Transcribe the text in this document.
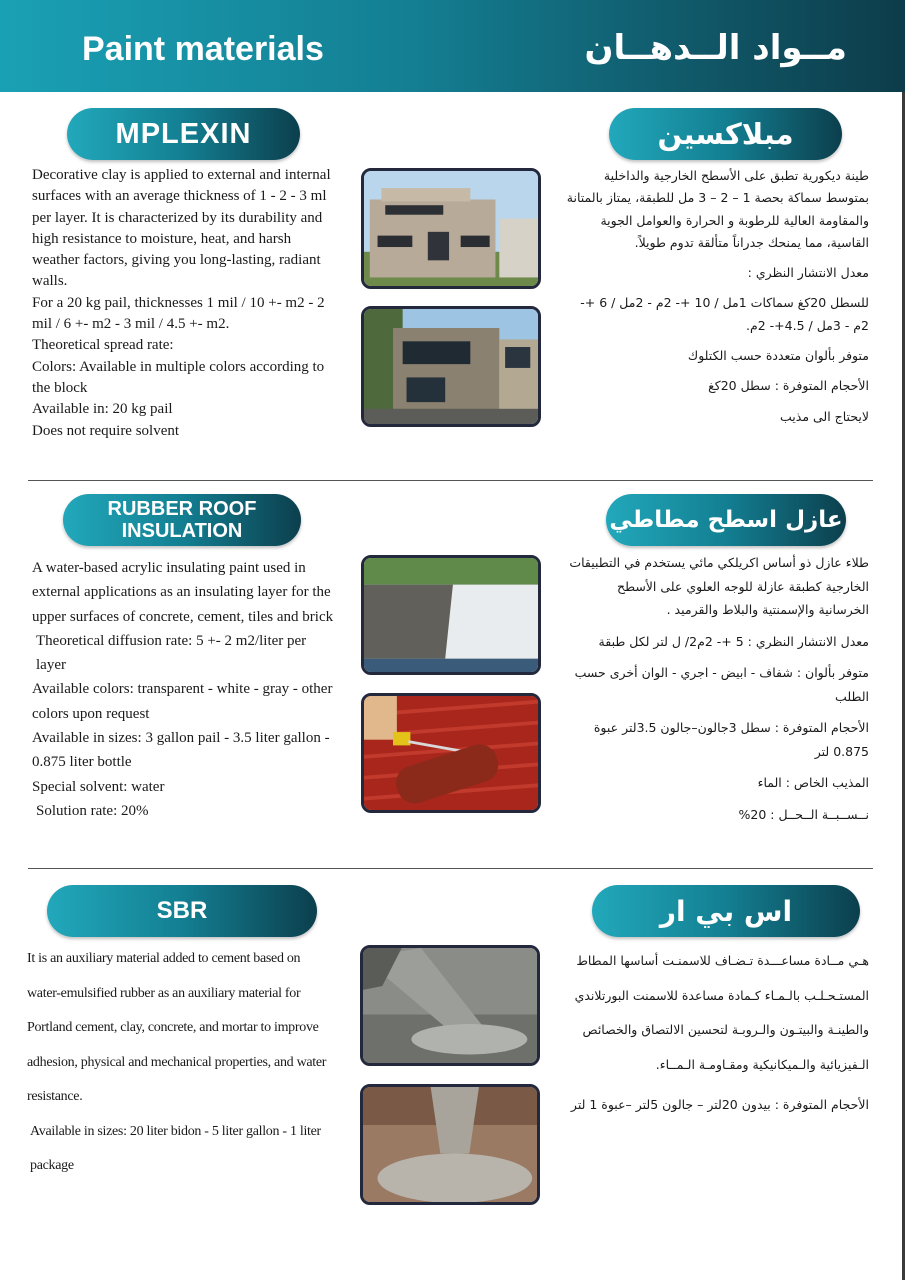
Paint materials	مــواد الــدهــان
MPLEXIN	مبلاكسين

Decorative clay is applied to external and internal surfaces with an average thickness of 1 - 2 - 3 ml per layer. It is characterized by its durability and high resistance to moisture, heat, and harsh weather factors, giving you long-lasting, radiant walls.

For a 20 kg pail, thicknesses 1 mil / 10 +- m2 - 2 mil / 6 +- m2 - 3 mil / 4.5 +- m2.

Theoretical spread rate:

Colors: Available in multiple colors according to the block

Available in: 20 kg pail

Does not require solvent

طينة ديكورية تطبق على الأسطح الخارجية والداخلية بمتوسط سماكة بحصة 1 – 2 – 3 مل للطبقة، يمتاز بالمتانة والمقاومة العالية للرطوبة و الحرارة والعوامل الجوية القاسية، مما يمنحك جدراناً متألقة تدوم طويلاً.

معدل الانتشار النظري :

للسطل 20كغ سماكات 1مل / 10 +- 2م - 2مل / 6 +- 2م - 3مل / 4.5+- 2م.

متوفر بألوان متعددة حسب الكتلوك

الأحجام المتوفرة : سطل 20كغ

لايحتاج الى مذيب

RUBBER ROOF
INSULATION	عازل اسطح مطاطي

A water-based acrylic insulating paint used in external applications as an insulating layer for the upper surfaces of concrete, cement, tiles and brick

Theoretical diffusion rate: 5 +- 2 m2/liter per layer

Available colors: transparent - white - gray - other colors upon request

Available in sizes: 3 gallon pail - 3.5 liter gallon - 0.875 liter bottle

Special solvent: water

Solution rate: 20%

طلاء عازل ذو أساس اكريلكي مائي يستخدم في التطبيقات الخارجية كطبقة عازلة للوجه العلوي على الأسطح الخرسانية والإسمنتية والبلاط والقرميد .

معدل الانتشار النظري : 5 +- 2م2/ ل لتر لكل طبقة

متوفر بألوان : شفاف - ابيض - اجري - الوان أخرى حسب الطلب

الأحجام المتوفرة : سطل 3جالون–جالون 3.5لتر عبوة 0.875 لتر

المذيب الخاص : الماء

نــســبــة الــحــل : 20%

SBR	اس بي ار

It is an auxiliary material added to cement based on water-emulsified rubber as an auxiliary material for Portland cement, clay, concrete, and mortar to improve adhesion, physical and mechanical properties, and water resistance.

Available in sizes: 20 liter bidon - 5 liter gallon - 1 liter package

هـي مــادة مساعـــدة تـضـاف للاسمنـت أساسها المطاط المستـحـلـب بالـمـاء كـمادة مساعدة للاسمنت البورتلاندي والطينـة والبيتـون والـروبـة لتحسين الالتصاق والخصائص الـفيزيائية والـميكانيكية ومقـاومـة الـمــاء.

الأحجام المتوفرة : بيدون 20لتر – جالون 5لتر –عبوة 1 لتر
